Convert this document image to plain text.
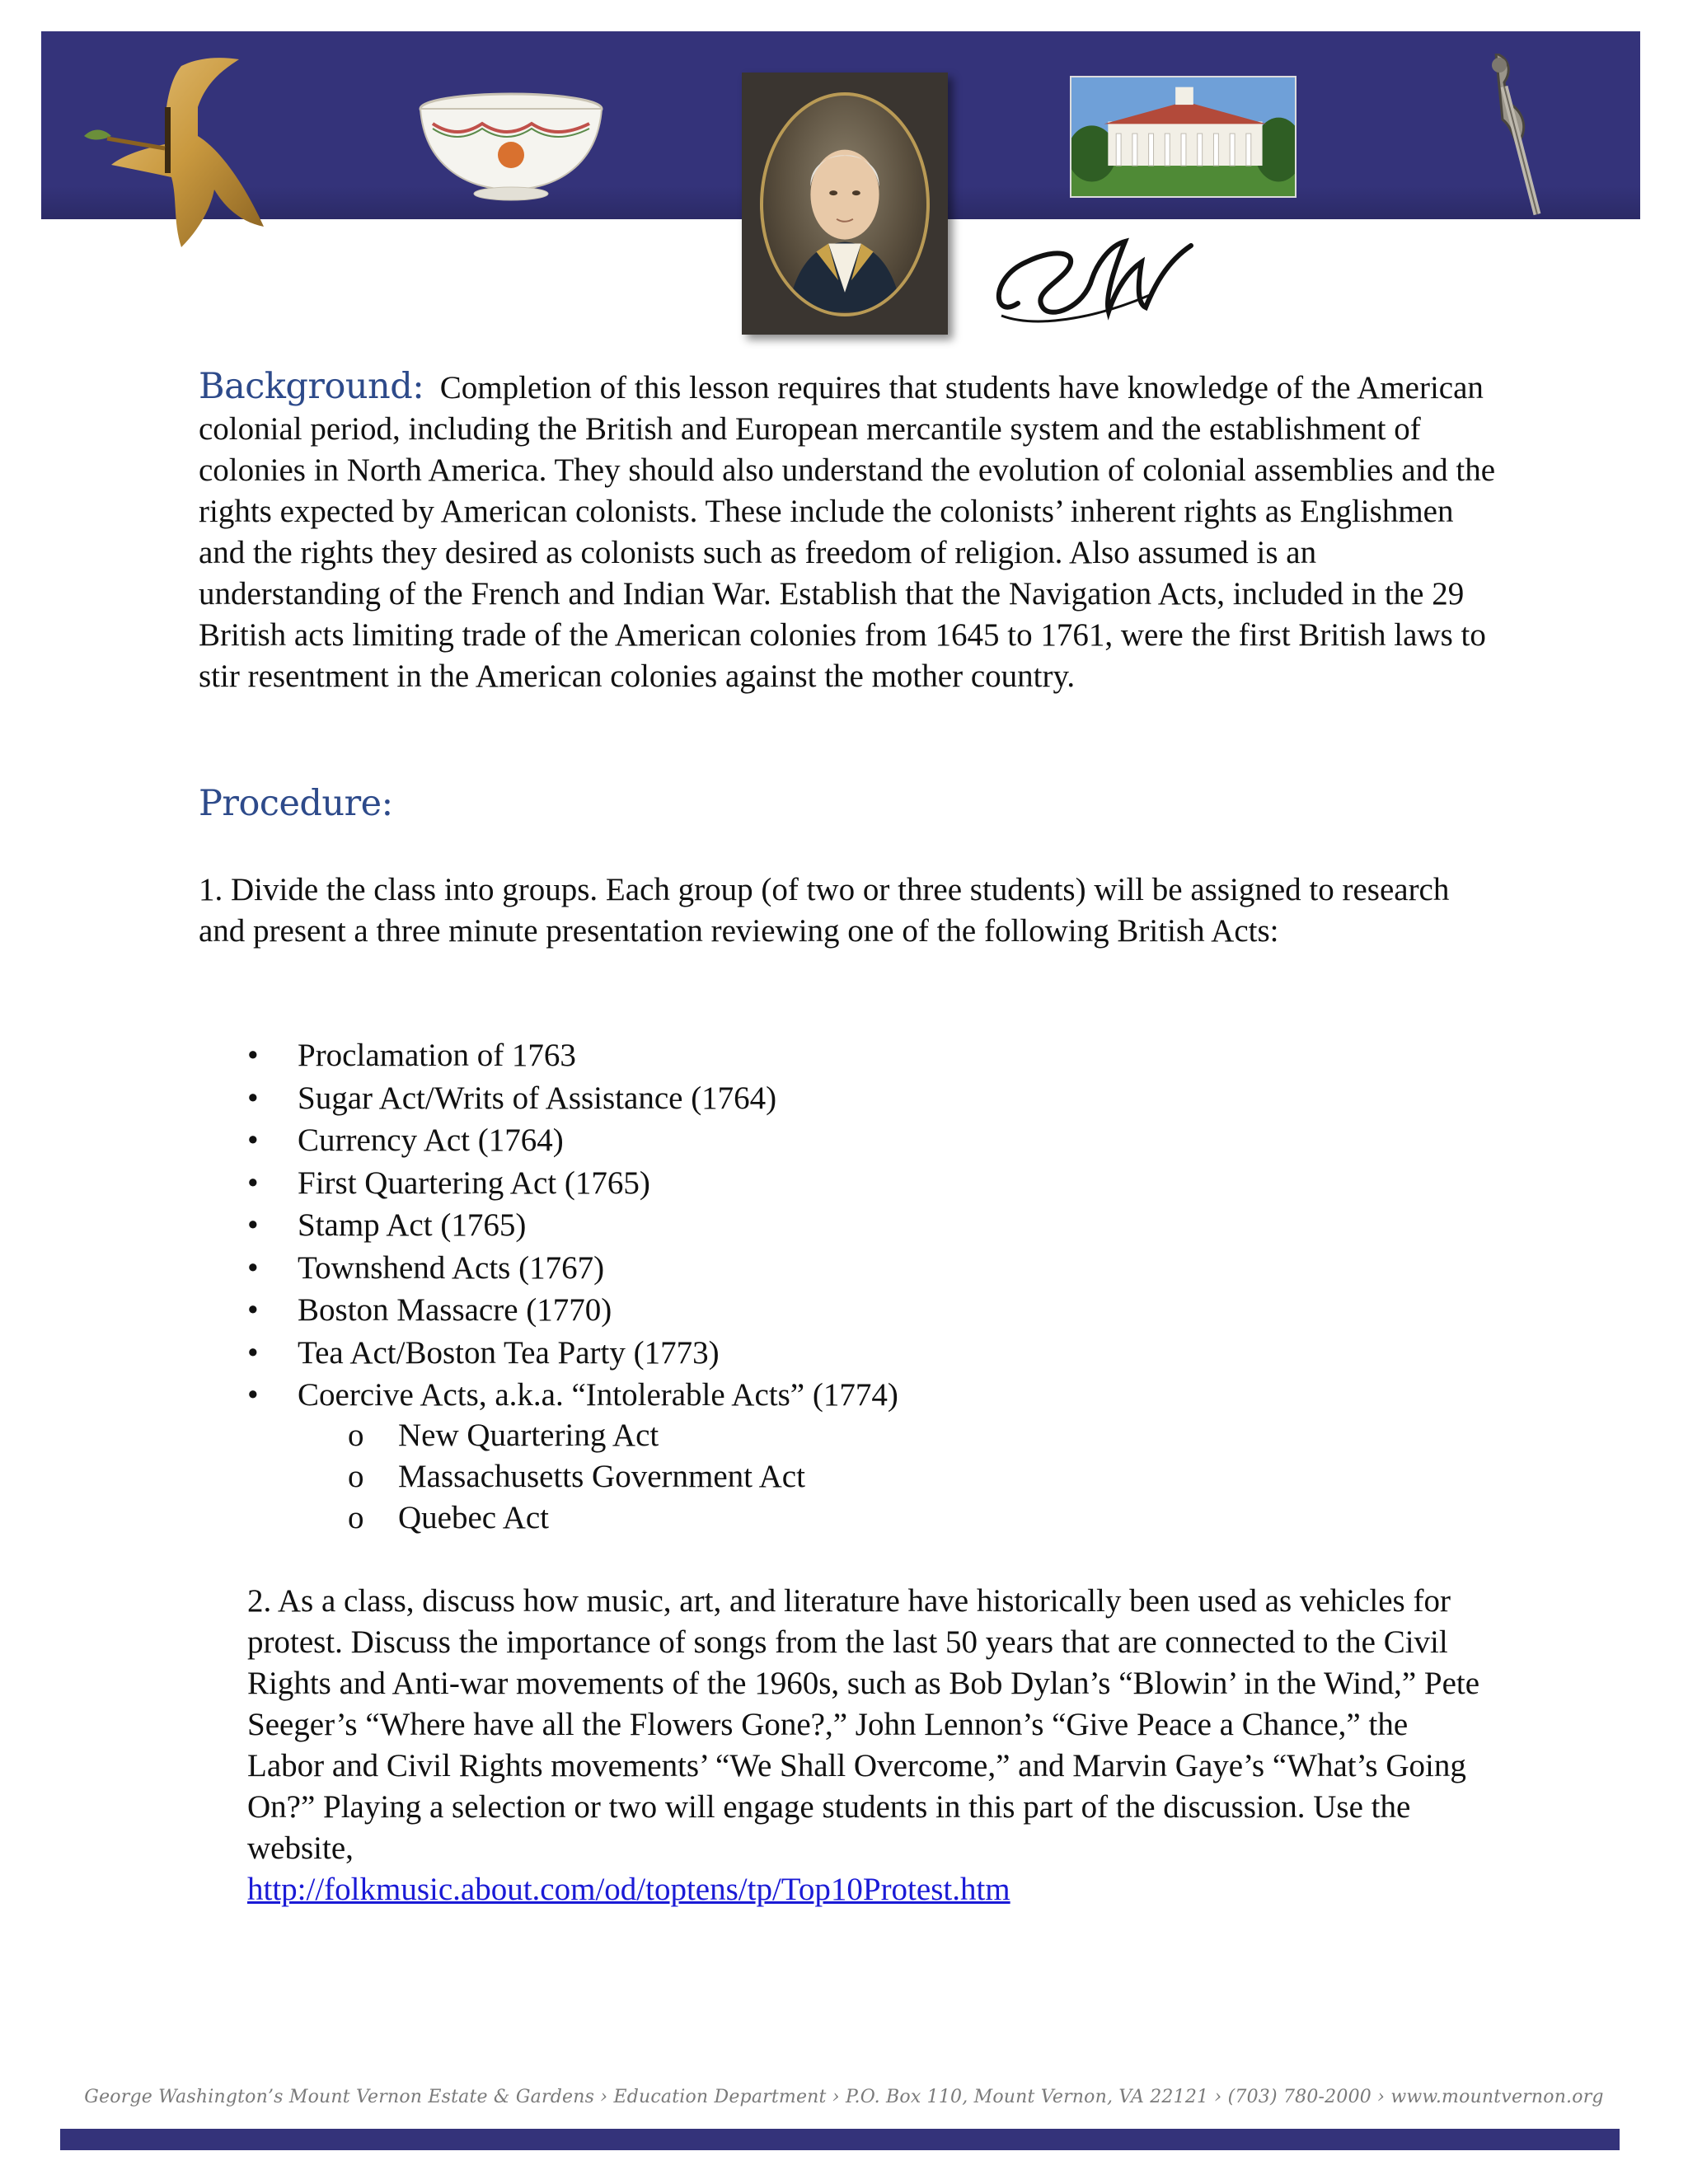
Background: Completion of this lesson requires that students have knowledge of the American colonial period, including the British and European mercantile system and the establishment of colonies in North America. They should also understand the evolution of colonial assemblies and the rights expected by American colonists. These include the colonists’ inherent rights as Englishmen and the rights they desired as colonists such as freedom of religion. Also assumed is an understanding of the French and Indian War. Establish that the Navigation Acts, included in the 29 British acts limiting trade of the American colonies from 1645 to 1761, were the first British laws to stir resentment in the American colonies against the mother country.

Procedure:

1. Divide the class into groups. Each group (of two or three students) will be assigned to research and present a three minute presentation reviewing one of the following British Acts:

• Proclamation of 1763
• Sugar Act/Writs of Assistance (1764)
• Currency Act (1764)
• First Quartering Act (1765)
• Stamp Act (1765)
• Townshend Acts (1767)
• Boston Massacre (1770)
• Tea Act/Boston Tea Party (1773)
• Coercive Acts, a.k.a. “Intolerable Acts” (1774)
o New Quartering Act
o Massachusetts Government Act
o Quebec Act

2. As a class, discuss how music, art, and literature have historically been used as vehicles for protest. Discuss the importance of songs from the last 50 years that are connected to the Civil Rights and Anti-war movements of the 1960s, such as Bob Dylan’s “Blowin’ in the Wind,” Pete Seeger’s “Where have all the Flowers Gone?,” John Lennon’s “Give Peace a Chance,” the Labor and Civil Rights movements’ “We Shall Overcome,” and Marvin Gaye’s “What’s Going On?” Playing a selection or two will engage students in this part of the discussion. Use the website,
http://folkmusic.about.com/od/toptens/tp/Top10Protest.htm

George Washington’s Mount Vernon Estate & Gardens › Education Department › P.O. Box 110, Mount Vernon, VA 22121 › (703) 780-2000 › www.mountvernon.org
